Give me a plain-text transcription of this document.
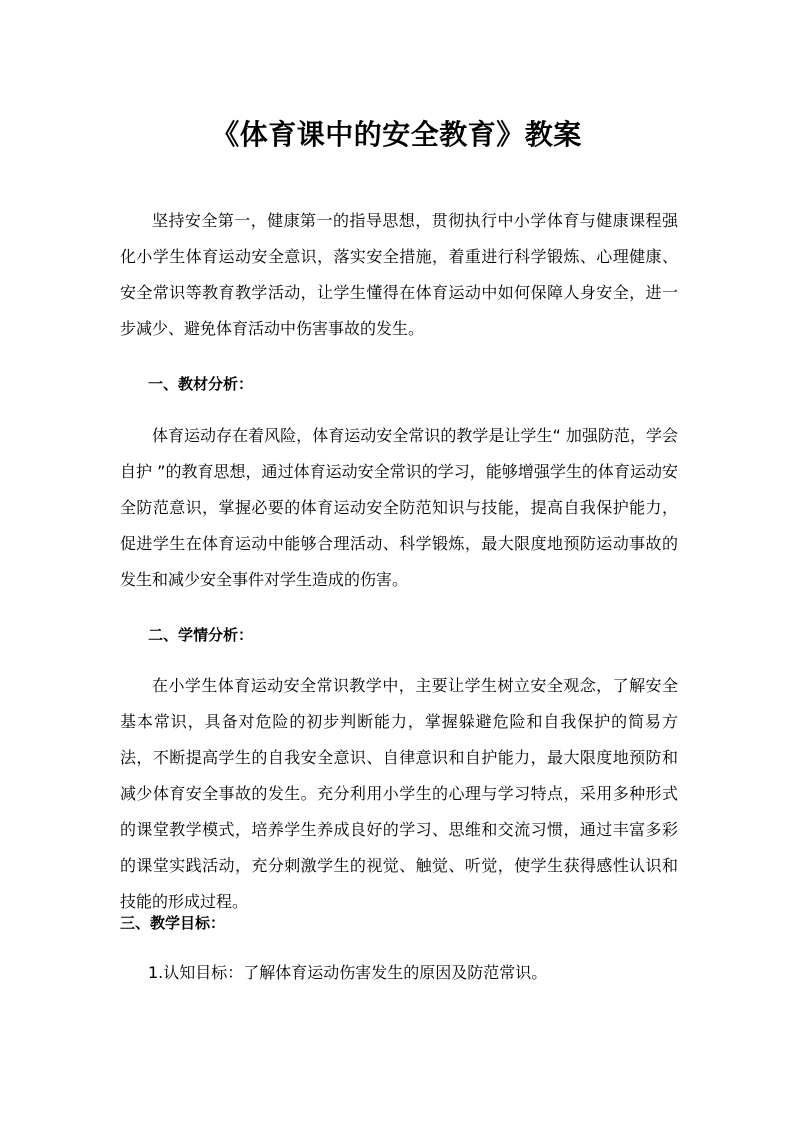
《体育课中的安全教育》教案

坚持安全第一，健康第一的指导思想，贯彻执行中小学体育与健康课程强化小学生体育运动安全意识，落实安全措施，着重进行科学锻炼、心理健康、安全常识等教育教学活动，让学生懂得在体育运动中如何保障人身安全，进一步减少、避免体育活动中伤害事故的发生。

一、教材分析：

体育运动存在着风险，体育运动安全常识的教学是让学生“ 加强防范，学会自护 ”的教育思想，通过体育运动安全常识的学习，能够增强学生的体育运动安全防范意识，掌握必要的体育运动安全防范知识与技能，提高自我保护能力，促进学生在体育运动中能够合理活动、科学锻炼，最大限度地预防运动事故的发生和减少安全事件对学生造成的伤害。

二、学情分析：

在小学生体育运动安全常识教学中，主要让学生树立安全观念，了解安全基本常识，具备对危险的初步判断能力，掌握躲避危险和自我保护的简易方法，不断提高学生的自我安全意识、自律意识和自护能力，最大限度地预防和减少体育安全事故的发生。充分利用小学生的心理与学习特点，采用多种形式的课堂教学模式，培养学生养成良好的学习、思维和交流习惯，通过丰富多彩的课堂实践活动，充分刺激学生的视觉、触觉、听觉，使学生获得感性认识和技能的形成过程。

三、教学目标：

1.认知目标：了解体育运动伤害发生的原因及防范常识。
